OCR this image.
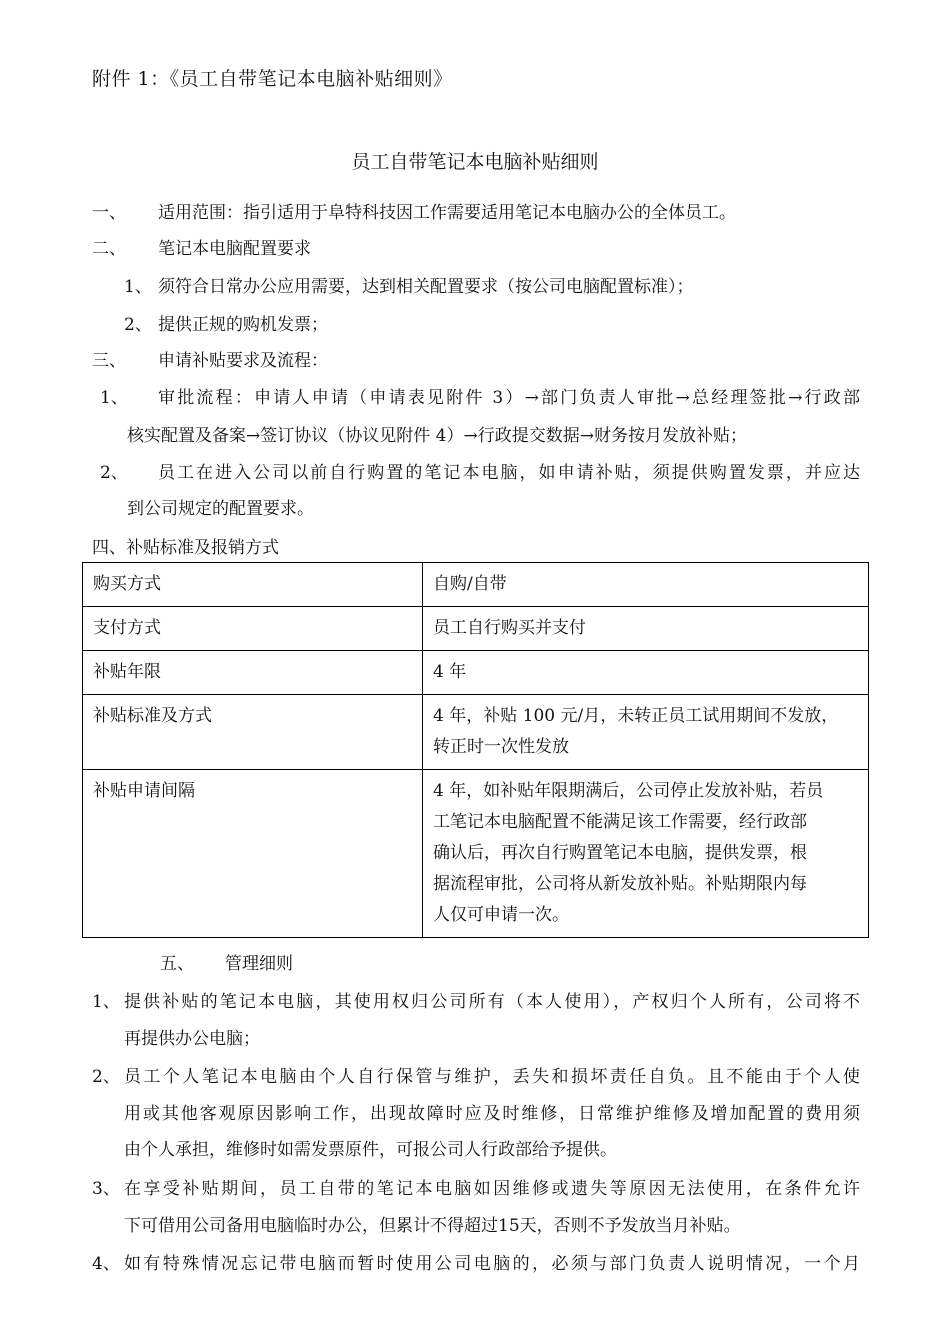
附件 1：《员工自带笔记本电脑补贴细则》
员工自带笔记本电脑补贴细则
一、 适用范围：指引适用于阜特科技因工作需要适用笔记本电脑办公的全体员工。
二、 笔记本电脑配置要求
1、 须符合日常办公应用需要，达到相关配置要求（按公司电脑配置标准）；
2、 提供正规的购机发票；
三、 申请补贴要求及流程：
1、 审批流程：申请人申请（申请表见附件 3）→部门负责人审批→总经理签批→行政部
核实配置及备案→签订协议（协议见附件 4）→行政提交数据→财务按月发放补贴；
2、 员工在进入公司以前自行购置的笔记本电脑，如申请补贴，须提供购置发票，并应达
到公司规定的配置要求。
四、补贴标准及报销方式
购买方式	自购/自带

支付方式	员工自行购买并支付

补贴年限	4 年

补贴标准及方式	4 年，补贴 100 元/月，未转正员工试用期间不发放，
转正时一次性发放

补贴申请间隔	4 年，如补贴年限期满后，公司停止发放补贴，若员
工笔记本电脑配置不能满足该工作需要，经行政部
确认后，再次自行购置笔记本电脑，提供发票，根
据流程审批，公司将从新发放补贴。补贴期限内每
人仅可申请一次。
五、 管理细则
1、 提供补贴的笔记本电脑，其使用权归公司所有（本人使用），产权归个人所有，公司将不
再提供办公电脑；
2、 员工个人笔记本电脑由个人自行保管与维护，丢失和损坏责任自负。且不能由于个人使
用或其他客观原因影响工作，出现故障时应及时维修，日常维护维修及增加配置的费用须
由个人承担，维修时如需发票原件，可报公司人行政部给予提供。
3、 在享受补贴期间，员工自带的笔记本电脑如因维修或遗失等原因无法使用，在条件允许
下可借用公司备用电脑临时办公，但累计不得超过15天，否则不予发放当月补贴。
4、 如有特殊情况忘记带电脑而暂时使用公司电脑的，必须与部门负责人说明情况，一个月
